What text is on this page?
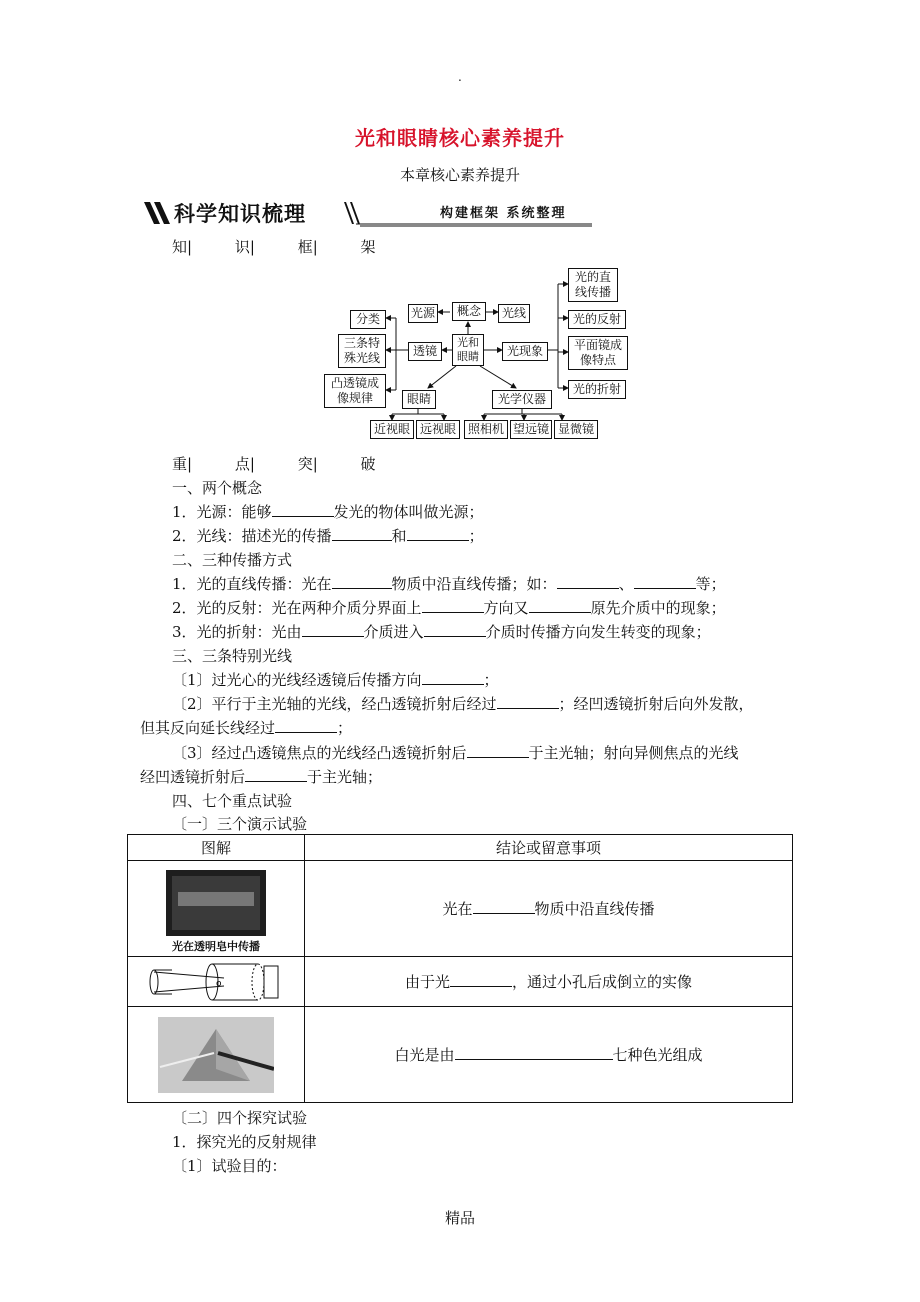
.
光和眼睛核心素养提升
本章核心素养提升
科学知识梳理	构建框架 系统整理
知|	识|	框|	架
概念
光源	光线
光和眼睛
透镜	光现象
分类
三条特殊光线
凸透镜成像规律
光的直线传播
光的反射
平面镜成像特点
光的折射
眼睛	光学仪器
近视眼 远视眼 照相机 望远镜 显微镜
重|	点|	突|	破
一、两个概念
1．光源：能够	发光的物体叫做光源；
2．光线：描述光的传播	和	；
二、三种传播方式
1．光的直线传播：光在	物质中沿直线传播；如：	、	等；
2．光的反射：光在两种介质分界面上	方向又	原先介质中的现象；
3．光的折射：光由	介质进入	介质时传播方向发生转变的现象；
三、三条特别光线
〔1〕过光心的光线经透镜后传播方向	；
〔2〕平行于主光轴的光线，经凸透镜折射后经过	；经凹透镜折射后向外发散，
但其反向延长线经过	；
〔3〕经过凸透镜焦点的光线经凸透镜折射后	于主光轴；射向异侧焦点的光线
经凹透镜折射后	于主光轴；
四、七个重点试验
〔一〕三个演示试验
图解	结论或留意事项

光在透明皂中传播	光在 物质中沿直线传播

o	由于光 ，通过小孔后成倒立的实像

	白光是由 七种色光组成
〔二〕四个探究试验
1．探究光的反射规律
〔1〕试验目的：
精品
